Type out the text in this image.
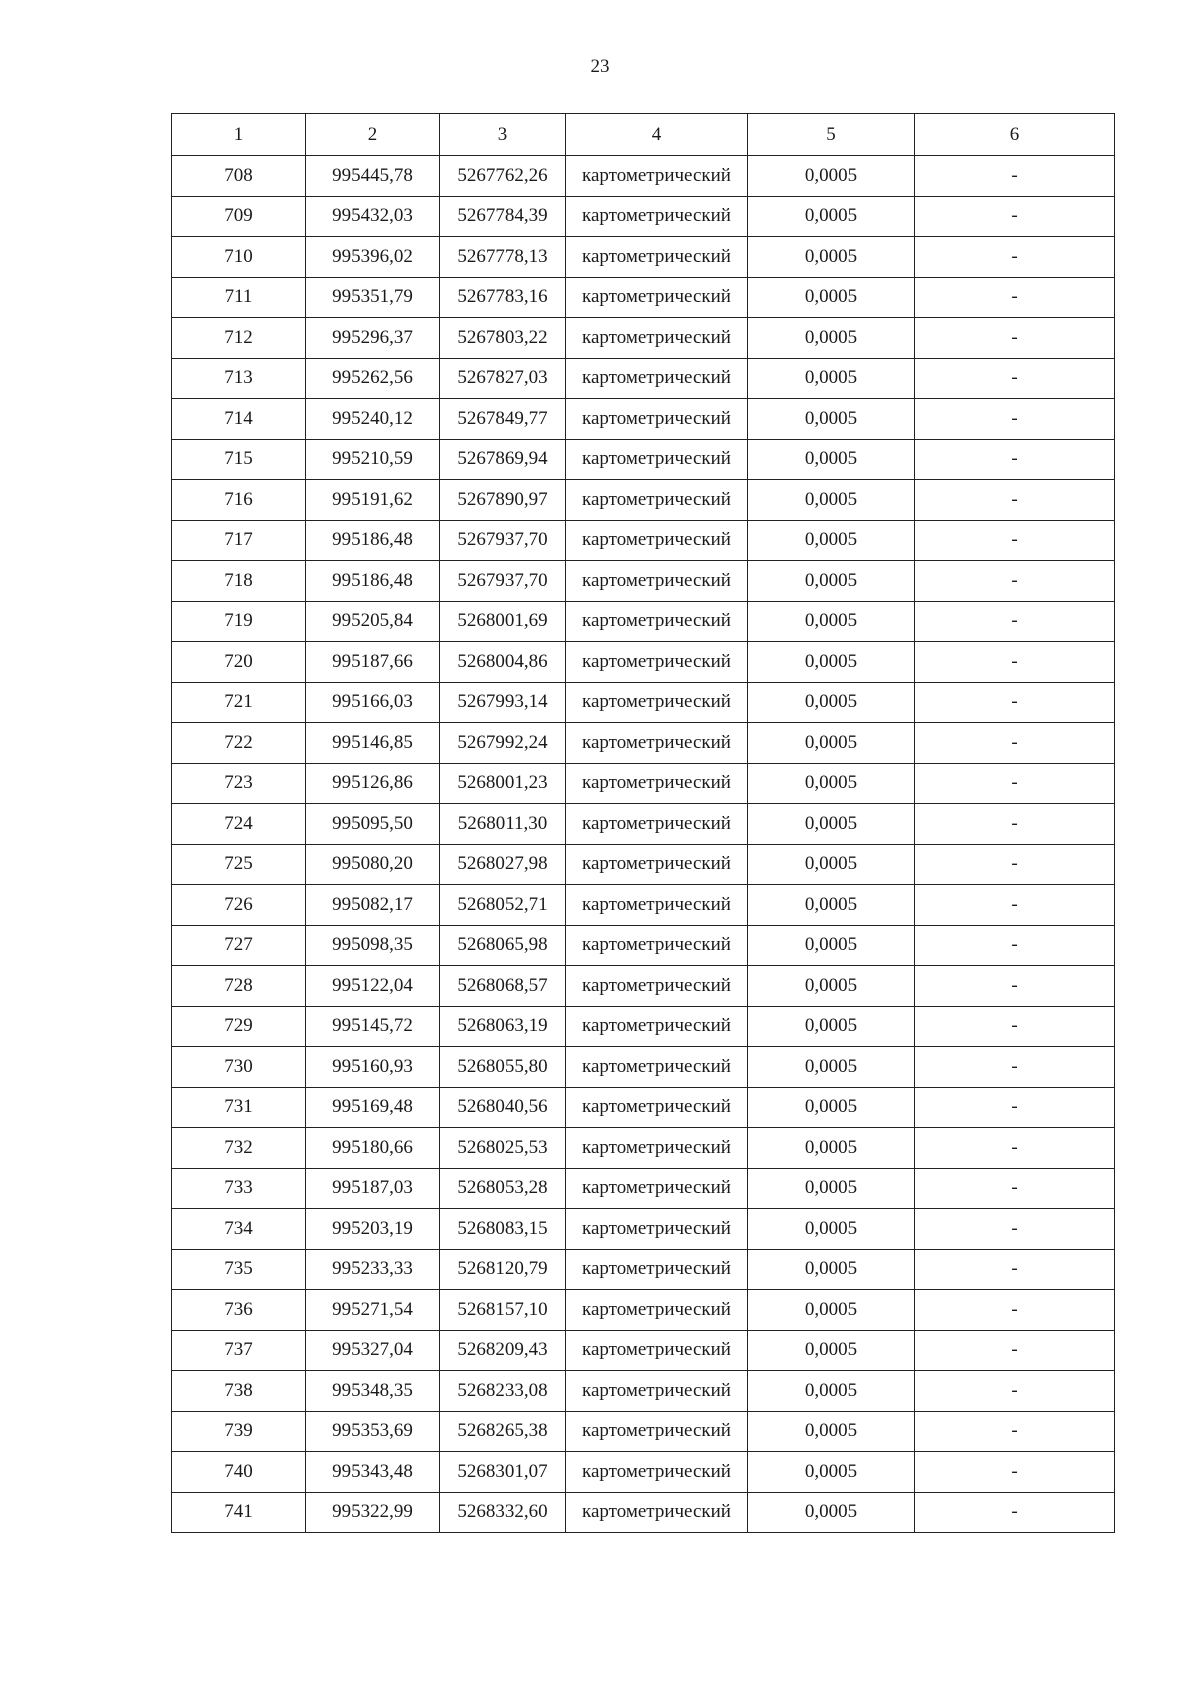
23
1	2	3	4	5	6
708	995445,78	5267762,26	картометрический	0,0005	-
709	995432,03	5267784,39	картометрический	0,0005	-
710	995396,02	5267778,13	картометрический	0,0005	-
711	995351,79	5267783,16	картометрический	0,0005	-
712	995296,37	5267803,22	картометрический	0,0005	-
713	995262,56	5267827,03	картометрический	0,0005	-
714	995240,12	5267849,77	картометрический	0,0005	-
715	995210,59	5267869,94	картометрический	0,0005	-
716	995191,62	5267890,97	картометрический	0,0005	-
717	995186,48	5267937,70	картометрический	0,0005	-
718	995186,48	5267937,70	картометрический	0,0005	-
719	995205,84	5268001,69	картометрический	0,0005	-
720	995187,66	5268004,86	картометрический	0,0005	-
721	995166,03	5267993,14	картометрический	0,0005	-
722	995146,85	5267992,24	картометрический	0,0005	-
723	995126,86	5268001,23	картометрический	0,0005	-
724	995095,50	5268011,30	картометрический	0,0005	-
725	995080,20	5268027,98	картометрический	0,0005	-
726	995082,17	5268052,71	картометрический	0,0005	-
727	995098,35	5268065,98	картометрический	0,0005	-
728	995122,04	5268068,57	картометрический	0,0005	-
729	995145,72	5268063,19	картометрический	0,0005	-
730	995160,93	5268055,80	картометрический	0,0005	-
731	995169,48	5268040,56	картометрический	0,0005	-
732	995180,66	5268025,53	картометрический	0,0005	-
733	995187,03	5268053,28	картометрический	0,0005	-
734	995203,19	5268083,15	картометрический	0,0005	-
735	995233,33	5268120,79	картометрический	0,0005	-
736	995271,54	5268157,10	картометрический	0,0005	-
737	995327,04	5268209,43	картометрический	0,0005	-
738	995348,35	5268233,08	картометрический	0,0005	-
739	995353,69	5268265,38	картометрический	0,0005	-
740	995343,48	5268301,07	картометрический	0,0005	-
741	995322,99	5268332,60	картометрический	0,0005	-
